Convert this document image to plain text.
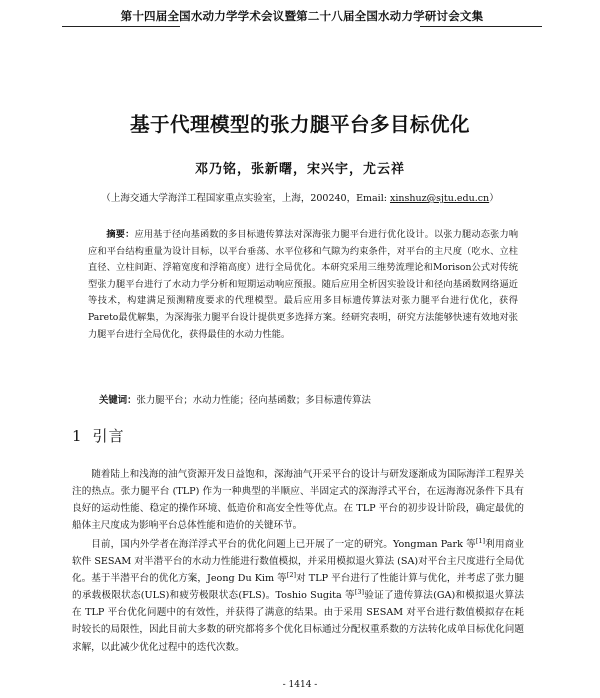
第十四届全国水动力学学术会议暨第二十八届全国水动力学研讨会文集
基于代理模型的张力腿平台多目标优化
邓乃铭，张新曙，宋兴宇，尤云祥
（上海交通大学海洋工程国家重点实验室，上海，200240，Email: xinshuz@sjtu.edu.cn）

摘要：应用基于径向基函数的多目标遗传算法对深海张力腿平台进行优化设计。以张力腿动态张力响应和平台结构重量为设计目标，以平台垂荡、水平位移和气隙为约束条件，对平台的主尺度（吃水、立柱直径、立柱间距、浮箱宽度和浮箱高度）进行全局优化。本研究采用三维势流理论和Morison公式对传统型张力腿平台进行了水动力学分析和短期运动响应预报。随后应用全析因实验设计和径向基函数网络逼近等技术，构建满足预测精度要求的代理模型。最后应用多目标遗传算法对张力腿平台进行优化，获得Pareto最优解集，为深海张力腿平台设计提供更多选择方案。经研究表明，研究方法能够快速有效地对张力腿平台进行全局优化，获得最佳的水动力性能。

关键词：张力腿平台；水动力性能；径向基函数；多目标遗传算法
1 引言

随着陆上和浅海的油气资源开发日益饱和，深海油气开采平台的设计与研发逐渐成为国际海洋工程界关注的热点。张力腿平台 (TLP) 作为一种典型的半顺应、半固定式的深海浮式平台，在远海海况条件下具有良好的运动性能、稳定的操作环境、低造价和高安全性等优点。在 TLP 平台的初步设计阶段，确定最优的船体主尺度成为影响平台总体性能和造价的关键环节。

目前，国内外学者在海洋浮式平台的优化问题上已开展了一定的研究。Yongman Park 等[1]利用商业软件 SESAM 对半潜平台的水动力性能进行数值模拟，并采用模拟退火算法 (SA)对平台主尺度进行全局优化。基于半潜平台的优化方案，Jeong Du Kim 等[2]对 TLP 平台进行了性能计算与优化，并考虑了张力腿的承载极限状态(ULS)和疲劳极限状态(FLS)。Toshio Sugita 等[3]验证了遗传算法(GA)和模拟退火算法在 TLP 平台优化问题中的有效性，并获得了满意的结果。由于采用 SESAM 对平台进行数值模拟存在耗时较长的局限性，因此目前大多数的研究都将多个优化目标通过分配权重系数的方法转化成单目标优化问题求解，以此减少优化过程中的迭代次数。

- 1414 -
